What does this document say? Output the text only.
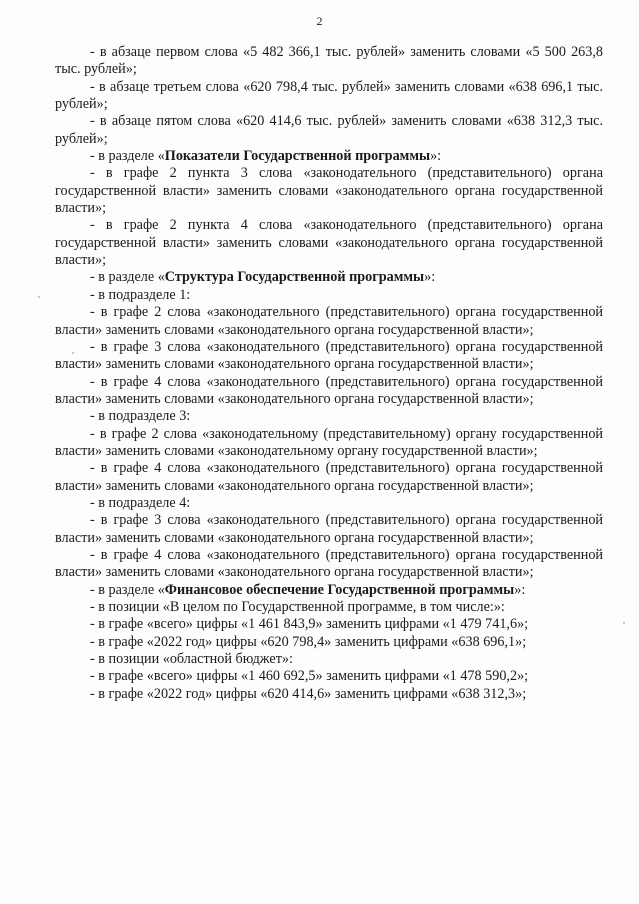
2

- в абзаце первом слова «5 482 366,1 тыс. рублей» заменить словами «5 500 263,8 тыс. рублей»;

- в абзаце третьем слова «620 798,4 тыс. рублей» заменить словами «638 696,1 тыс. рублей»;

- в абзаце пятом слова «620 414,6 тыс. рублей» заменить словами «638 312,3 тыс. рублей»;

- в разделе «Показатели Государственной программы»:

- в графе 2 пункта 3 слова «законодательного (представительного) органа государственной власти» заменить словами «законодательного органа государственной власти»;

- в графе 2 пункта 4 слова «законодательного (представительного) органа государственной власти» заменить словами «законодательного органа государственной власти»;

- в разделе «Структура Государственной программы»:

- в подразделе 1:

- в графе 2 слова «законодательного (представительного) органа государственной власти» заменить словами «законодательного органа государственной власти»;

- в графе 3 слова «законодательного (представительного) органа государственной власти» заменить словами «законодательного органа государственной власти»;

- в графе 4 слова «законодательного (представительного) органа государственной власти» заменить словами «законодательного органа государственной власти»;

- в подразделе 3:

- в графе 2 слова «законодательному (представительному) органу государственной власти» заменить словами «законодательному органу государственной власти»;

- в графе 4 слова «законодательного (представительного) органа государственной власти» заменить словами «законодательного органа государственной власти»;

- в подразделе 4:

- в графе 3 слова «законодательного (представительного) органа государственной власти» заменить словами «законодательного органа государственной власти»;

- в графе 4 слова «законодательного (представительного) органа государственной власти» заменить словами «законодательного органа государственной власти»;

- в разделе «Финансовое обеспечение Государственной программы»:

- в позиции «В целом по Государственной программе, в том числе:»:

- в графе «всего» цифры «1 461 843,9» заменить цифрами «1 479 741,6»;

- в графе «2022 год» цифры «620 798,4» заменить цифрами «638 696,1»;

- в позиции «областной бюджет»:

- в графе «всего» цифры «1 460 692,5» заменить цифрами «1 478 590,2»;

- в графе «2022 год» цифры «620 414,6» заменить цифрами «638 312,3»;
